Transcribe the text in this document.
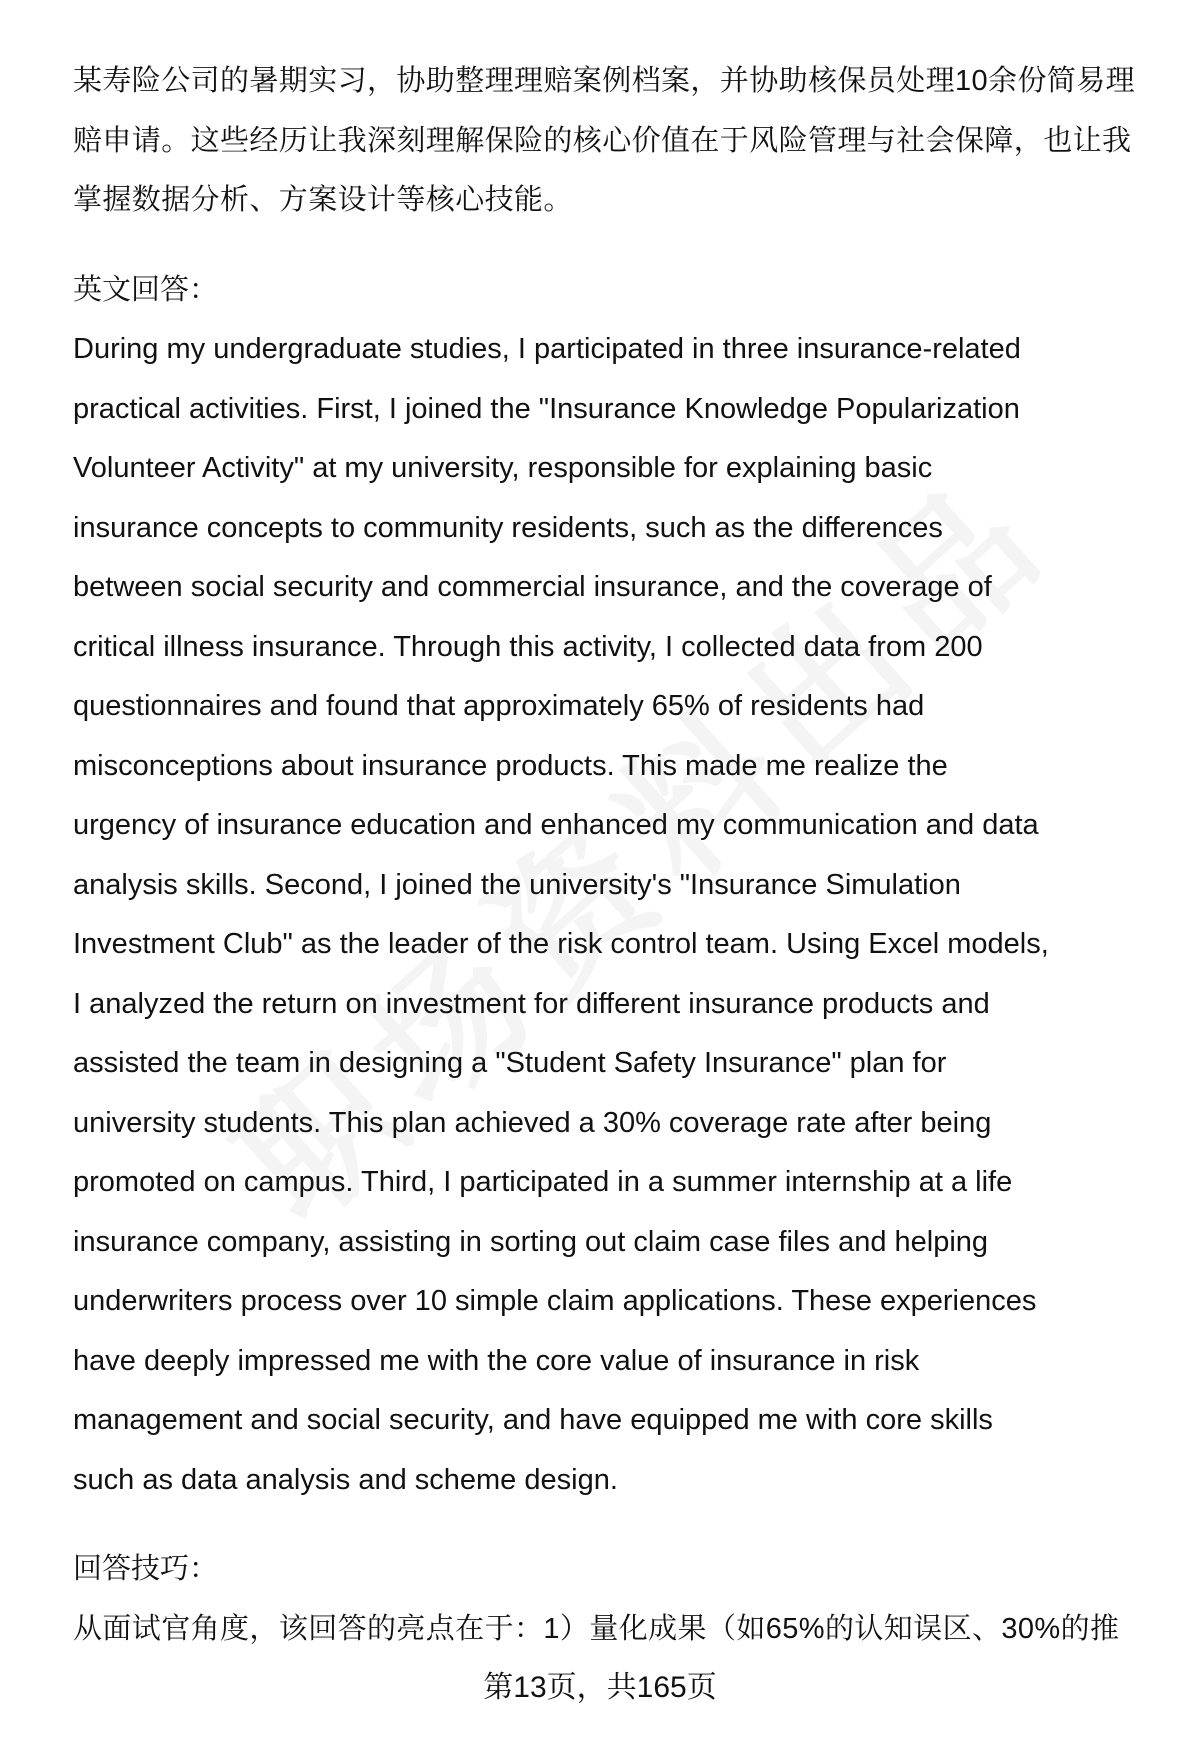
某寿险公司的暑期实习，协助整理理赔案例档案，并协助核保员处理10余份简易理

赔申请。这些经历让我深刻理解保险的核心价值在于风险管理与社会保障，也让我

掌握数据分析、方案设计等核心技能。

英文回答：

During my undergraduate studies, I participated in three insurance-related

practical activities. First, I joined the "Insurance Knowledge Popularization

Volunteer Activity" at my university, responsible for explaining basic

insurance concepts to community residents, such as the differences

between social security and commercial insurance, and the coverage of

critical illness insurance. Through this activity, I collected data from 200

questionnaires and found that approximately 65% of residents had

misconceptions about insurance products. This made me realize the

urgency of insurance education and enhanced my communication and data

analysis skills. Second, I joined the university's "Insurance Simulation

Investment Club" as the leader of the risk control team. Using Excel models,

I analyzed the return on investment for different insurance products and

assisted the team in designing a "Student Safety Insurance" plan for

university students. This plan achieved a 30% coverage rate after being

promoted on campus. Third, I participated in a summer internship at a life

insurance company, assisting in sorting out claim case files and helping

underwriters process over 10 simple claim applications. These experiences

have deeply impressed me with the core value of insurance in risk

management and social security, and have equipped me with core skills

such as data analysis and scheme design.

回答技巧：

从面试官角度，该回答的亮点在于：1）量化成果（如65%的认知误区、30%的推

第13页，共165页
